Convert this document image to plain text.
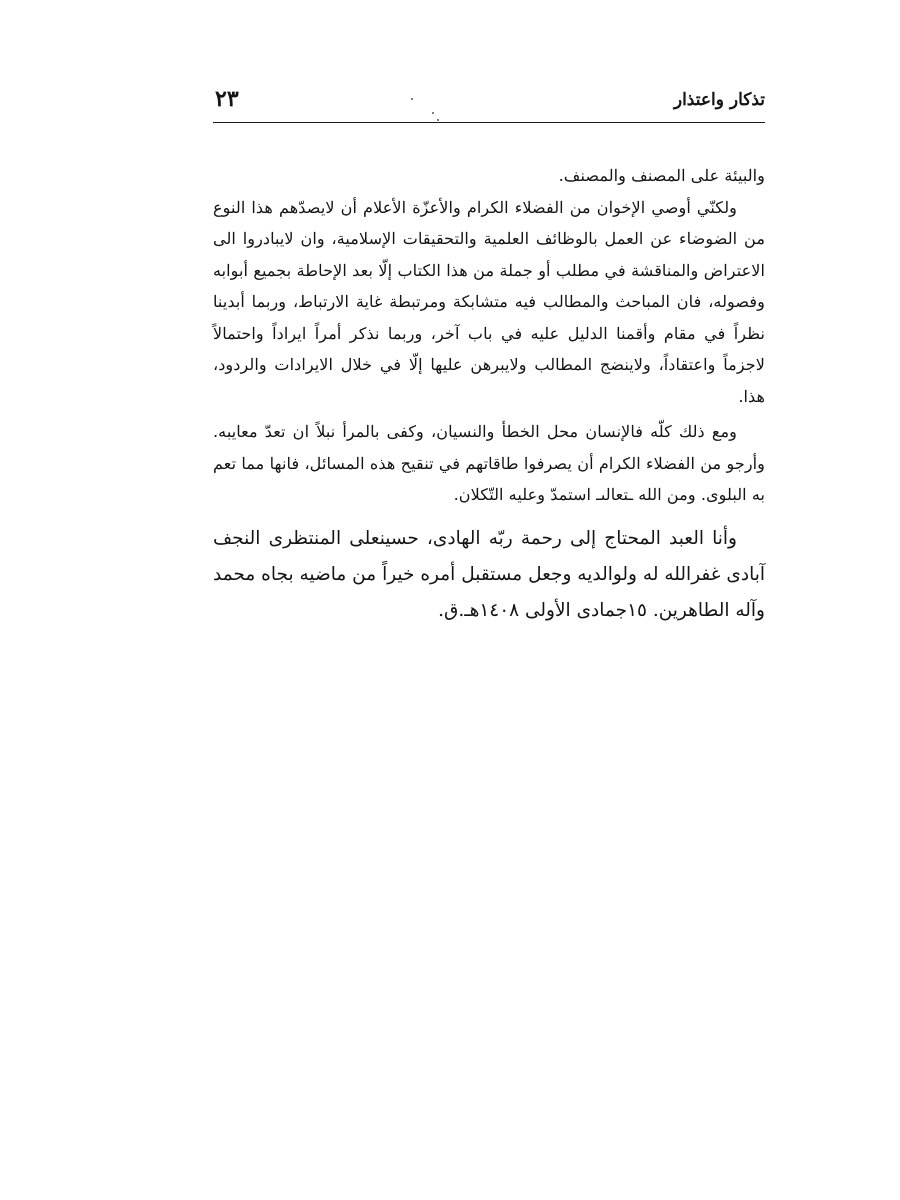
تذكار واعتذار
٢٣

والبيئة على المصنف والمصنف.

ولكنّي أوصي الإخوان من الفضلاء الكرام والأعزّة الأعلام أن لايصدّهم هذا النوع من الضوضاء عن العمل بالوظائف العلمية والتحقيقات الإسلامية، وان لايبادروا الى الاعتراض والمناقشة في مطلب أو جملة من هذا الكتاب إلّا بعد الإحاطة بجميع أبوابه وفصوله، فان المباحث والمطالب فيه متشابكة ومرتبطة غاية الارتباط، وربما أبدينا نظراً في مقام وأقمنا الدليل عليه في باب آخر، وربما نذكر أمراً ايراداً واحتمالاً لاجزماً واعتقاداً، ولاينضج المطالب ولايبرهن عليها إلّا في خلال الايرادات والردود، هذا.

ومع ذلك كلّه فالإنسان محل الخطأ والنسيان، وكفى بالمرأ نبلاً ان تعدّ معايبه. وأرجو من الفضلاء الكرام أن يصرفوا طاقاتهم في تنقيح هذه المسائل، فانها مما تعم به البلوى. ومن الله ـتعالىـ استمدّ وعليه التّكلان.

وأنا العبد المحتاج إلى رحمة ربّه الهادى، حسينعلى المنتظرى النجف آبادى غفرالله له ولوالديه وجعل مستقبل أمره خيراً من ماضيه بجاه محمد وآله الطاهرين. ١٥جمادى الأولى ١٤٠٨هـ.ق.
